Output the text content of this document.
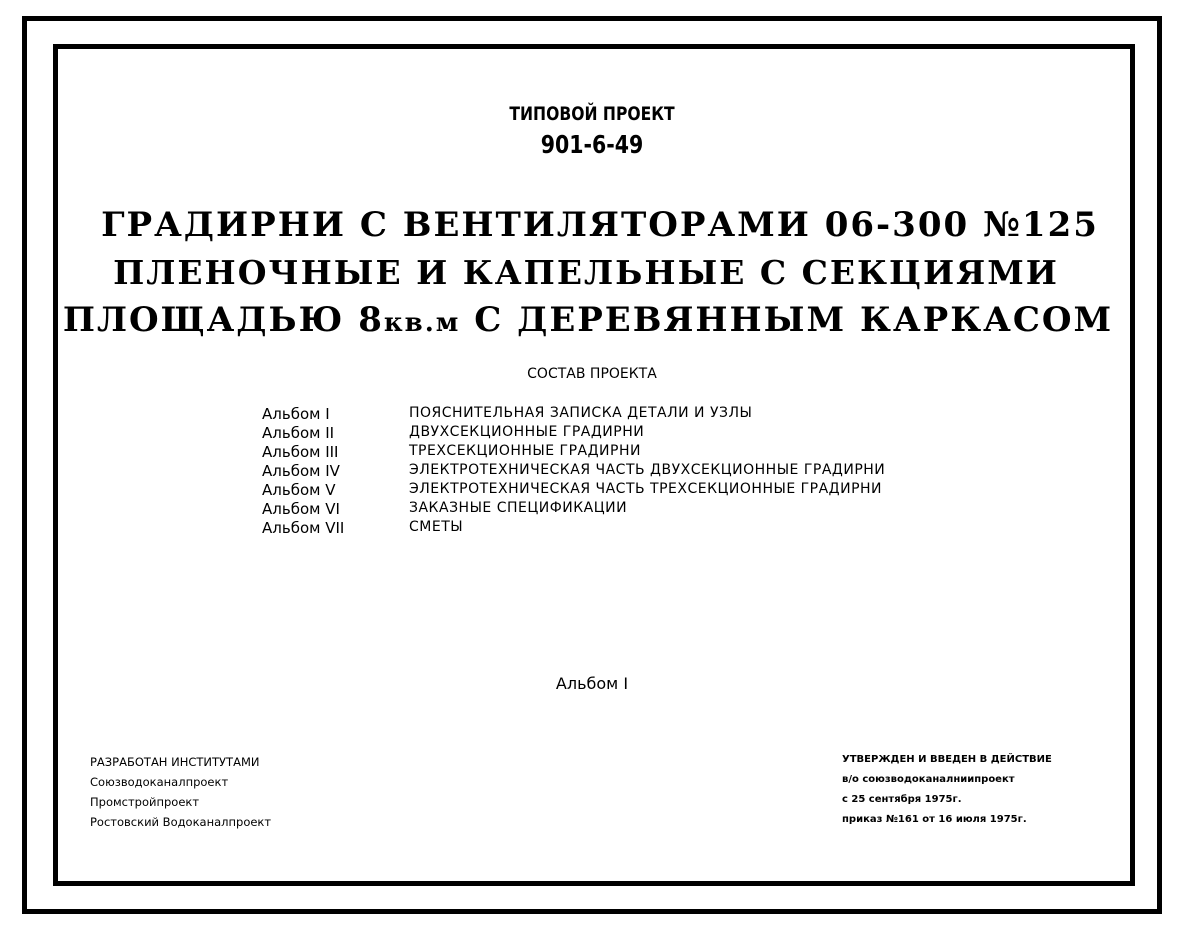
ТИПОВОЙ ПРОЕКТ
901-6-49
ГРАДИРНИ С ВЕНТИЛЯТОРАМИ 06-300 №125
ПЛЕНОЧНЫЕ И КАПЕЛЬНЫЕ С СЕКЦИЯМИ
ПЛОЩАДЬЮ 8кв.м С ДЕРЕВЯННЫМ КАРКАСОМ
СОСТАВ ПРОЕКТА
Альбом I	ПОЯСНИТЕЛЬНАЯ ЗАПИСКА ДЕТАЛИ И УЗЛЫ
Альбом II	ДВУХСЕКЦИОННЫЕ ГРАДИРНИ
Альбом III	ТРЕХСЕКЦИОННЫЕ ГРАДИРНИ
Альбом IV	ЭЛЕКТРОТЕХНИЧЕСКАЯ ЧАСТЬ ДВУХСЕКЦИОННЫЕ ГРАДИРНИ
Альбом V	ЭЛЕКТРОТЕХНИЧЕСКАЯ ЧАСТЬ ТРЕХСЕКЦИОННЫЕ ГРАДИРНИ
Альбом VI	ЗАКАЗНЫЕ СПЕЦИФИКАЦИИ
Альбом VII	СМЕТЫ
Альбом I
РАЗРАБОТАН ИНСТИТУТАМИ
Союзводоканалпроект
Промстройпроект
Ростовский Водоканалпроект
УТВЕРЖДЕН И ВВЕДЕН В ДЕЙСТВИЕ
в/о союзводоканалниипроект
с 25 сентября 1975г.
приказ №161 от 16 июля 1975г.
